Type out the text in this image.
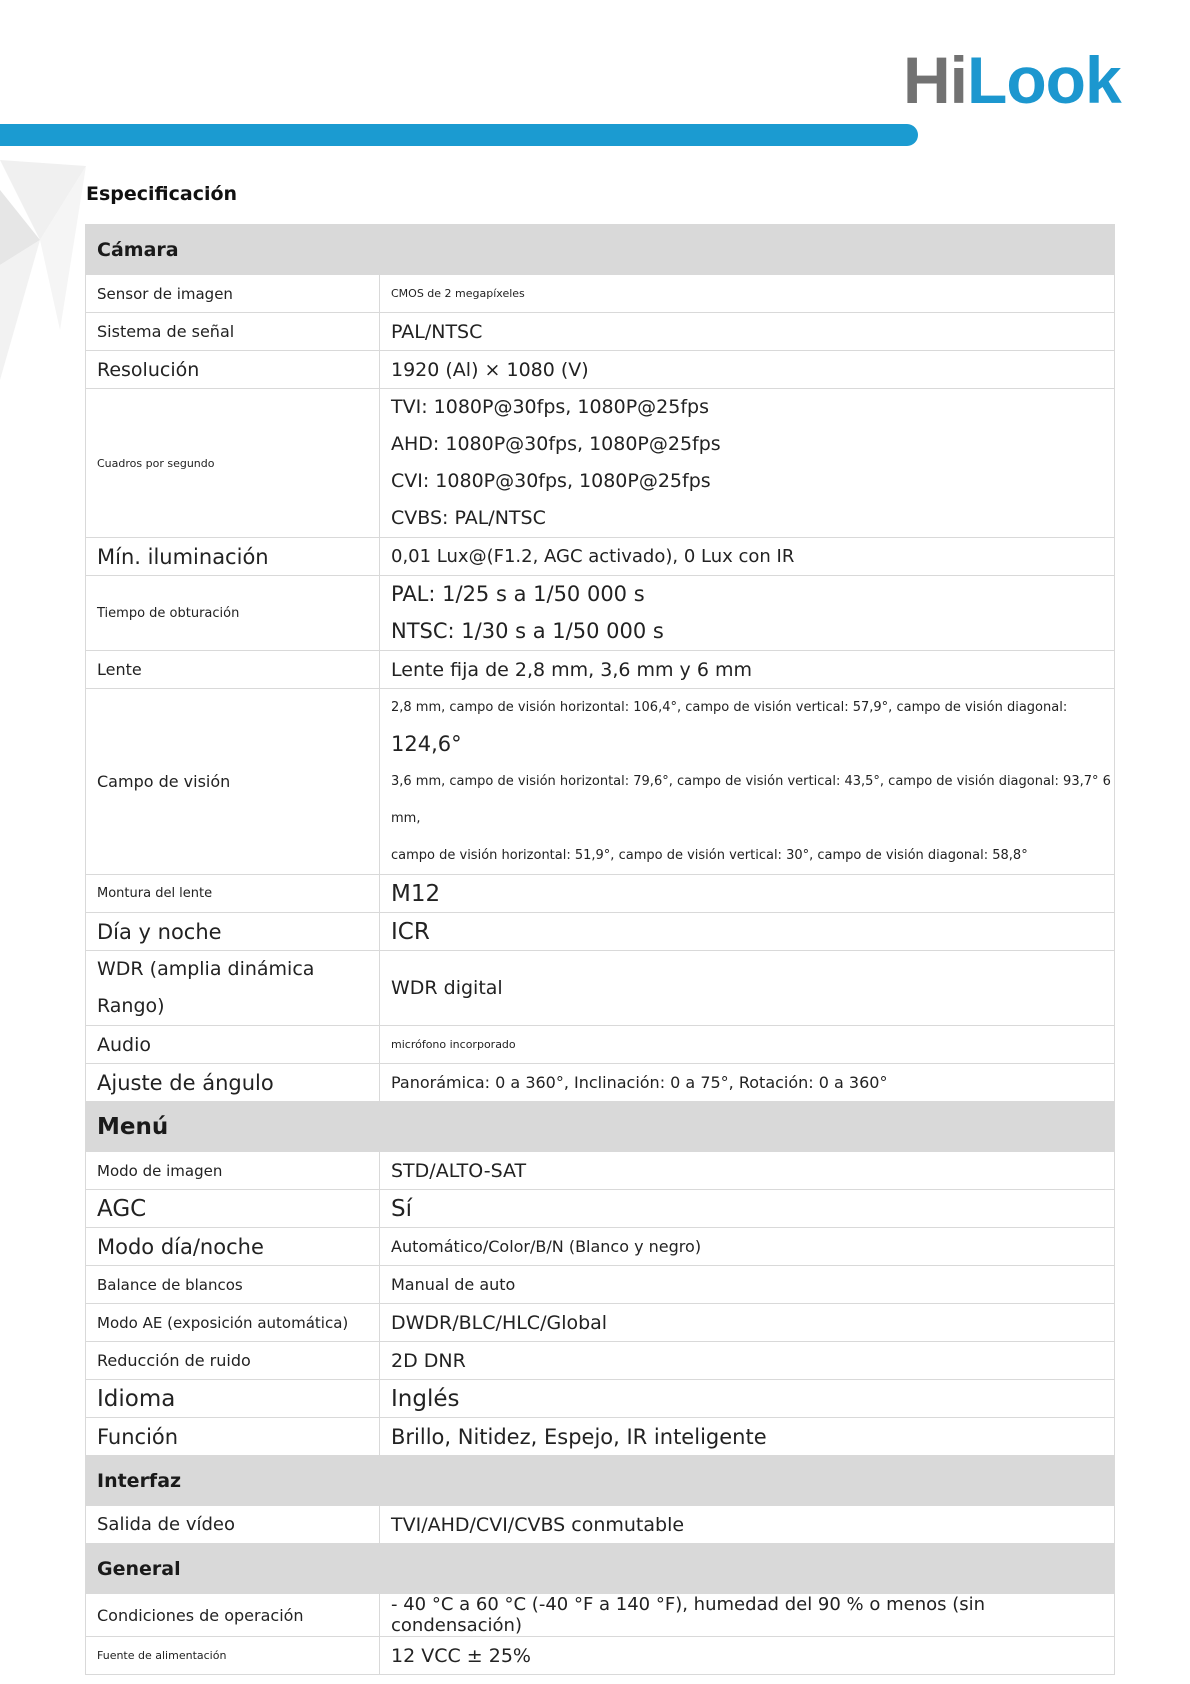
HiLook
Especificación
Cámara	
Sensor de imagen	CMOS de 2 megapíxeles
Sistema de señal	PAL/NTSC
Resolución	1920 (Al) × 1080 (V)
Cuadros por segundo	TVI: 1080P@30fps, 1080P@25fps
AHD: 1080P@30fps, 1080P@25fps
CVI: 1080P@30fps, 1080P@25fps
CVBS: PAL/NTSC

Mín. iluminación	0,01 Lux@(F1.2, AGC activado), 0 Lux con IR
Tiempo de obturación	PAL: 1/25 s a 1/50 000 s
NTSC: 1/30 s a 1/50 000 s

Lente	Lente fija de 2,8 mm, 3,6 mm y 6 mm
Campo de visión	2,8 mm, campo de visión horizontal: 106,4°, campo de visión vertical: 57,9°, campo de visión diagonal:
124,6°
3,6 mm, campo de visión horizontal: 79,6°, campo de visión vertical: 43,5°, campo de visión diagonal: 93,7° 6 mm,
campo de visión horizontal: 51,9°, campo de visión vertical: 30°, campo de visión diagonal: 58,8°

Montura del lente	M12
Día y noche	ICR

WDR (amplia dinámica
Rango)	WDR digital
Audio	micrófono incorporado
Ajuste de ángulo	Panorámica: 0 a 360°, Inclinación: 0 a 75°, Rotación: 0 a 360°
Menú	
Modo de imagen	STD/ALTO-SAT
AGC	Sí
Modo día/noche	Automático/Color/B/N (Blanco y negro)
Balance de blancos	Manual de auto
Modo AE (exposición automática)	DWDR/BLC/HLC/Global
Reducción de ruido	2D DNR
Idioma	Inglés
Función	Brillo, Nitidez, Espejo, IR inteligente
Interfaz	
Salida de vídeo	TVI/AHD/CVI/CVBS conmutable
General	
Condiciones de operación	- 40 °C a 60 °C (-40 °F a 140 °F), humedad del 90 % o menos (sin condensación)
Fuente de alimentación	12 VCC ± 25%
